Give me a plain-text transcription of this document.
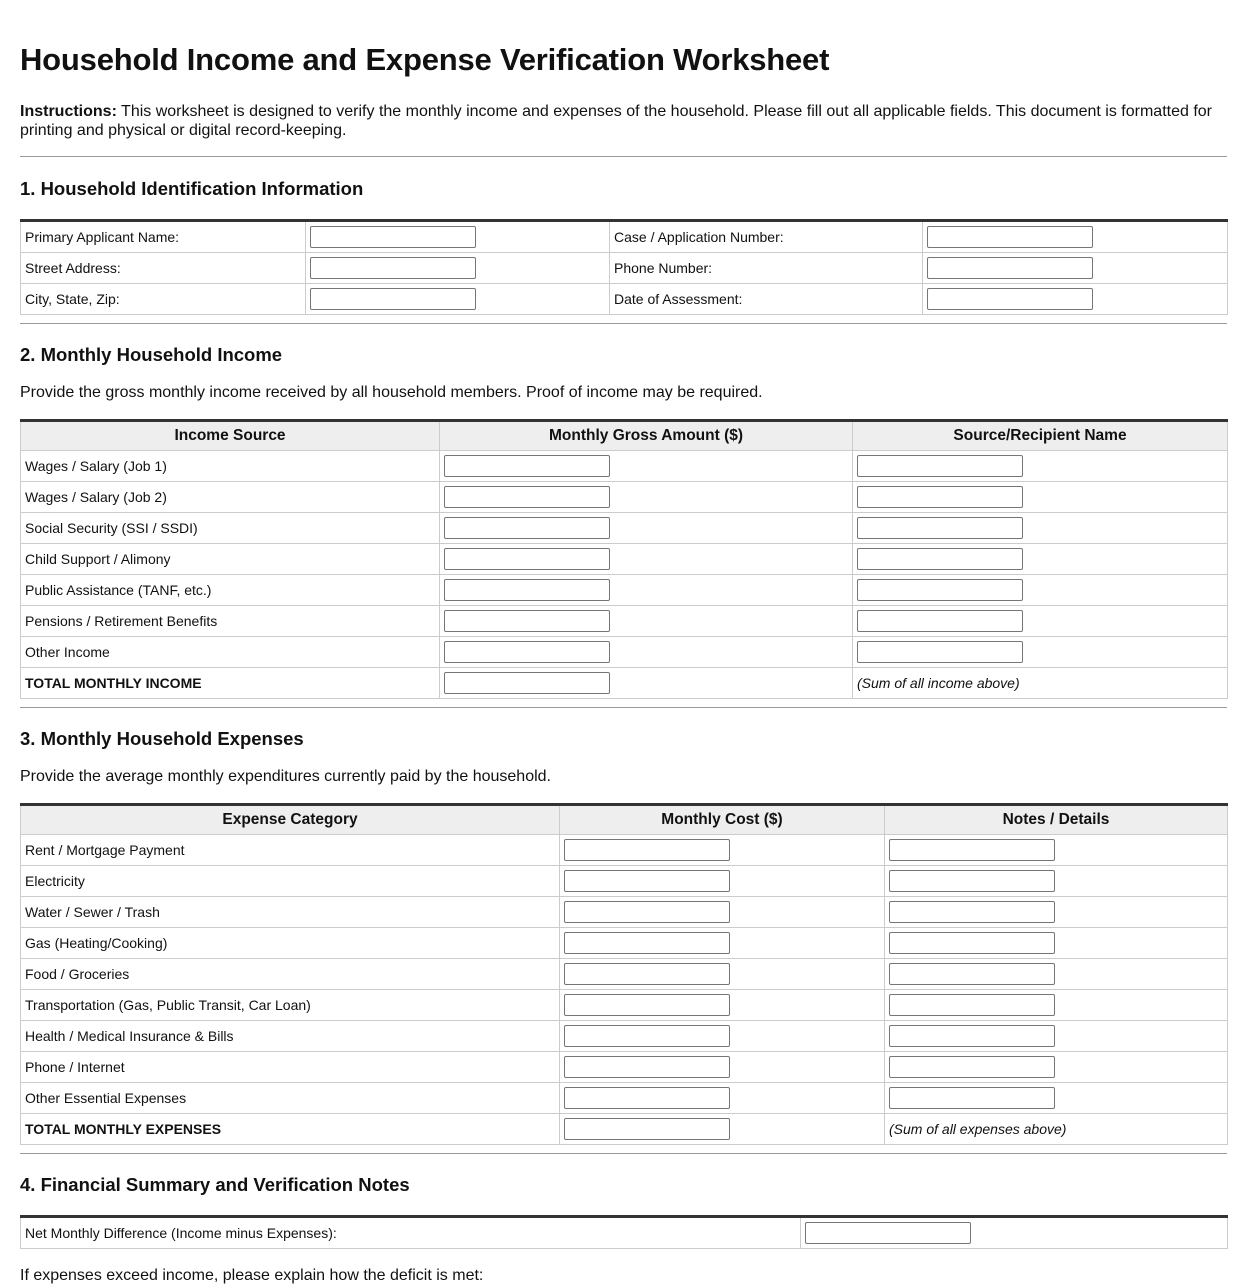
Household Income and Expense Verification Worksheet

Instructions: This worksheet is designed to verify the monthly income and expenses of the household. Please fill out all applicable fields. This document is formatted for printing and physical or digital record-keeping.

1. Household Identification Information
Primary Applicant Name:		Case / Application Number:	

Street Address:		Phone Number:	

City, State, Zip:		Date of Assessment:	
2. Monthly Household Income

Provide the gross monthly income received by all household members. Proof of income may be required.

Income Source	Monthly Gross Amount ($)	Source/Recipient Name
Wages / Salary (Job 1)	

Wages / Salary (Job 2)	

Social Security (SSI / SSDI)	

Child Support / Alimony	

Public Assistance (TANF, etc.)	

Pensions / Retirement Benefits	

Other Income	

TOTAL MONTHLY INCOME		(Sum of all income above)
3. Monthly Household Expenses

Provide the average monthly expenditures currently paid by the household.

Expense Category	Monthly Cost ($)	Notes / Details
Rent / Mortgage Payment	

Electricity	

Water / Sewer / Trash	

Gas (Heating/Cooking)	

Food / Groceries	

Transportation (Gas, Public Transit, Car Loan)	

Health / Medical Insurance & Bills	

Phone / Internet	

Other Essential Expenses	

TOTAL MONTHLY EXPENSES		(Sum of all expenses above)
4. Financial Summary and Verification Notes
Net Monthly Difference (Income minus Expenses):	

If expenses exceed income, please explain how the deficit is met:
